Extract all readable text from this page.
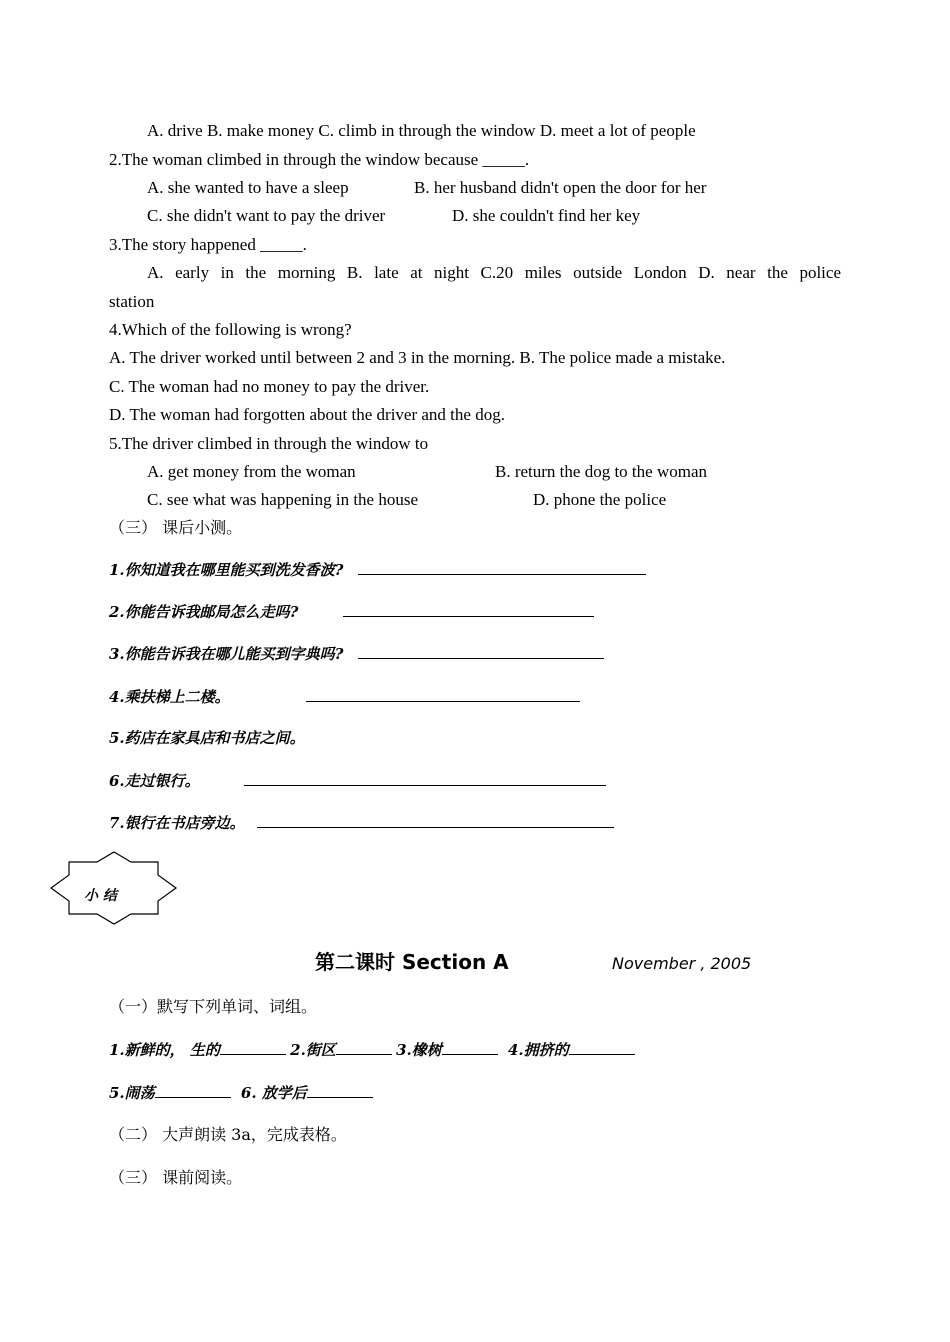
A. drive B. make money C. climb in through the window D. meet a lot of people
2.The woman climbed in through the window because _____.
A. she wanted to have a sleep	B. her husband didn't open the door for her
C. she didn't want to pay the driver	D. she couldn't find her key
3.The story happened _____.
A. early in the morning B. late at night C.20 miles outside London D. near the police
station
4.Which of the following is wrong?
A. The driver worked until between 2 and 3 in the morning. B. The police made a mistake.
C. The woman had no money to pay the driver.
D. The woman had forgotten about the driver and the dog.
5.The driver climbed in through the window to
A. get money from the woman	B. return the dog to the woman
C. see what was happening in the house	D. phone the police
（三） 课后小测。
1.你知道我在哪里能买到洗发香波?
2.你能告诉我邮局怎么走吗?
3.你能告诉我在哪儿能买到字典吗?
4.乘扶梯上二楼。
5.药店在家具店和书店之间。
6.走过银行。
7.银行在书店旁边。
小 结
第二课时 Section A	November , 2005
（一）默写下列单词、词组。
1.新鲜的， 生的	2.街区	3.橡树	4.拥挤的
5.闹荡	6. 放学后
（二） 大声朗读 3a，完成表格。
（三） 课前阅读。
